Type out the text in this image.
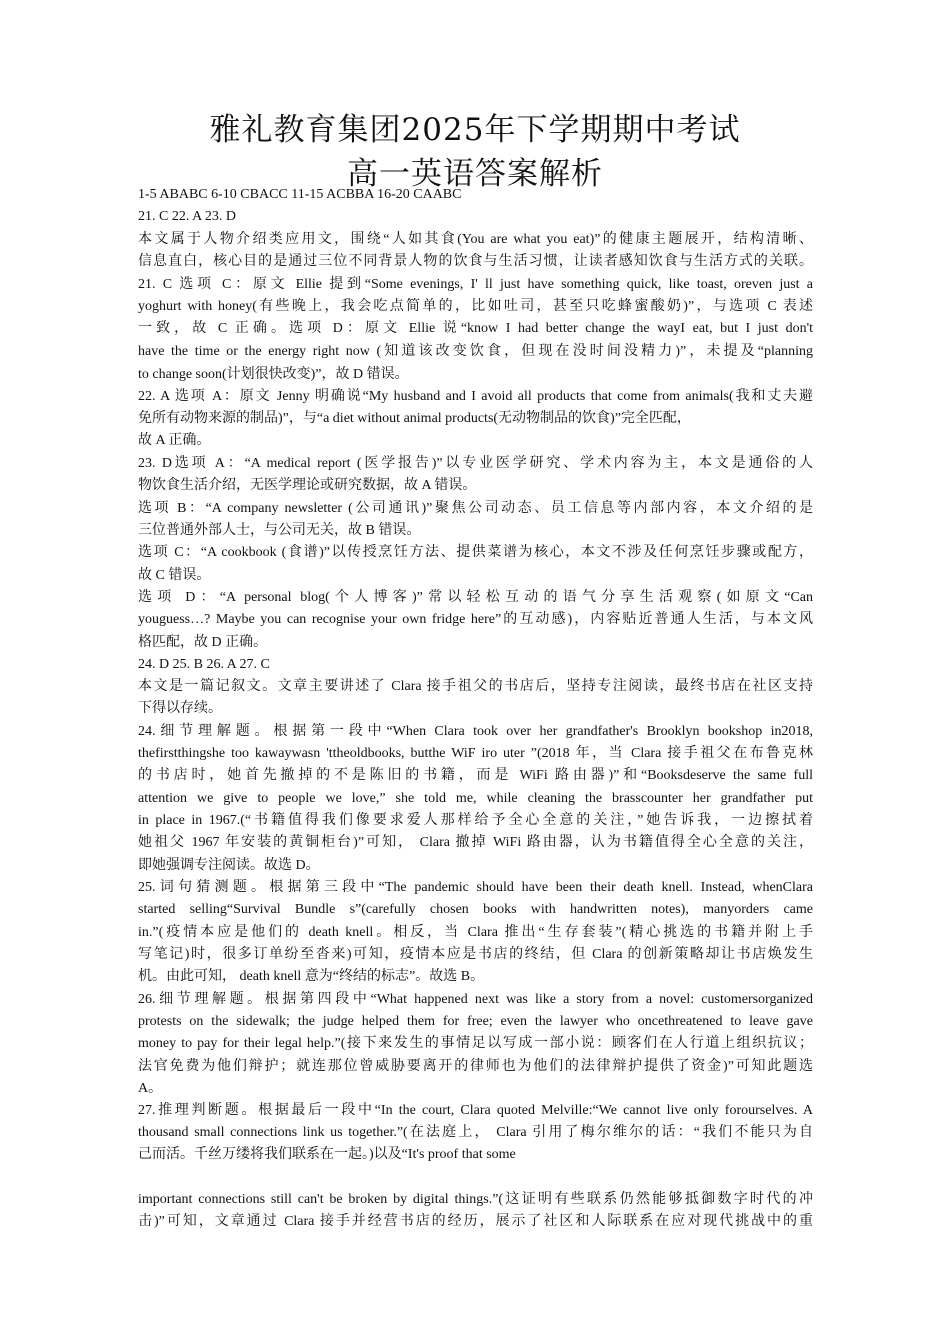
雅礼教育集团2025年下学期期中考试
高一英语答案解析
1-5 ABABC 6-10 CBACC 11-15 ACBBA 16-20 CAABC
21. C 22. A 23. D
本文属于人物介绍类应用文，围绕“人如其食(You are what you eat)”的健康主题展开，结构清晰、
信息直白，核心目的是通过三位不同背景人物的饮食与生活习惯，让读者感知饮食与生活方式的关联。
21. C 选项 C：原文 Ellie 提到“Some evenings, I' ll just have something quick, like toast, oreven just a
yoghurt with honey(有些晚上，我会吃点简单的，比如吐司，甚至只吃蜂蜜酸奶)”，与选项 C 表述
一致，故 C 正确。选项 D：原文 Ellie 说“know I had better change the wayI eat, but I just don't
have the time or the energy right now (知道该改变饮食，但现在没时间没精力)”，未提及“planning
to change soon(计划很快改变)”，故 D 错误。
22. A 选项 A：原文 Jenny 明确说“My husband and I avoid all products that come from animals(我和丈夫避
免所有动物来源的制品)”，与“a diet without animal products(无动物制品的饮食)”完全匹配，
故 A 正确。
23. D选项 A：“A medical report (医学报告)”以专业医学研究、学术内容为主，本文是通俗的人
物饮食生活介绍，无医学理论或研究数据，故 A 错误。
选项 B：“A company newsletter (公司通讯)”聚焦公司动态、员工信息等内部内容，本文介绍的是
三位普通外部人士，与公司无关，故 B 错误。
选项 C：“A cookbook (食谱)”以传授烹饪方法、提供菜谱为核心，本文不涉及任何烹饪步骤或配方，
故 C 错误。
选项 D：“A personal blog(个人博客)”常以轻松互动的语气分享生活观察(如原文“Can
youguess…? Maybe you can recognise your own fridge here”的互动感)，内容贴近普通人生活，与本文风
格匹配，故 D 正确。
24. D 25. B 26. A 27. C
本文是一篇记叙文。文章主要讲述了 Clara 接手祖父的书店后，坚持专注阅读，最终书店在社区支持
下得以存续。
24.细节理解题。根据第一段中“When Clara took over her grandfather's Brooklyn bookshop in2018,
thefirstthingshe too kawaywasn 'ttheoldbooks, butthe WiF iro uter ”(2018 年，当 Clara 接手祖父在布鲁克林
的书店时，她首先撤掉的不是陈旧的书籍，而是 WiFi 路由器)”和“Booksdeserve the same full
attention we give to people we love,” she told me, while cleaning the brasscounter her grandfather put
in place in 1967.(“书籍值得我们像要求爱人那样给予全心全意的关注，”她告诉我，一边擦拭着
她祖父 1967 年安装的黄铜柜台)”可知， Clara 撤掉 WiFi 路由器，认为书籍值得全心全意的关注，
即她强调专注阅读。故选 D。
25.词句猜测题。根据第三段中“The pandemic should have been their death knell. Instead, whenClara
started selling“Survival Bundle s”(carefully chosen books with handwritten notes), manyorders came
in.”(疫情本应是他们的 death knell。相反，当 Clara 推出“生存套装”(精心挑选的书籍并附上手
写笔记)时，很多订单纷至沓来)可知，疫情本应是书店的终结，但 Clara 的创新策略却让书店焕发生
机。由此可知， death knell 意为“终结的标志”。故选 B。
26.细节理解题。根据第四段中“What happened next was like a story from a novel: customersorganized
protests on the sidewalk; the judge helped them for free; even the lawyer who oncethreatened to leave gave
money to pay for their legal help.”(接下来发生的事情足以写成一部小说：顾客们在人行道上组织抗议；
法官免费为他们辩护；就连那位曾威胁要离开的律师也为他们的法律辩护提供了资金)”可知此题选
A。
27.推理判断题。根据最后一段中“In the court, Clara quoted Melville:“We cannot live only forourselves. A
thousand small connections link us together.”(在法庭上， Clara 引用了梅尔维尔的话：“我们不能只为自
己而活。千丝万缕将我们联系在一起。)以及“It's proof that some
important connections still can't be broken by digital things.”(这证明有些联系仍然能够抵御数字时代的冲
击)”可知，文章通过 Clara 接手并经营书店的经历，展示了社区和人际联系在应对现代挑战中的重
